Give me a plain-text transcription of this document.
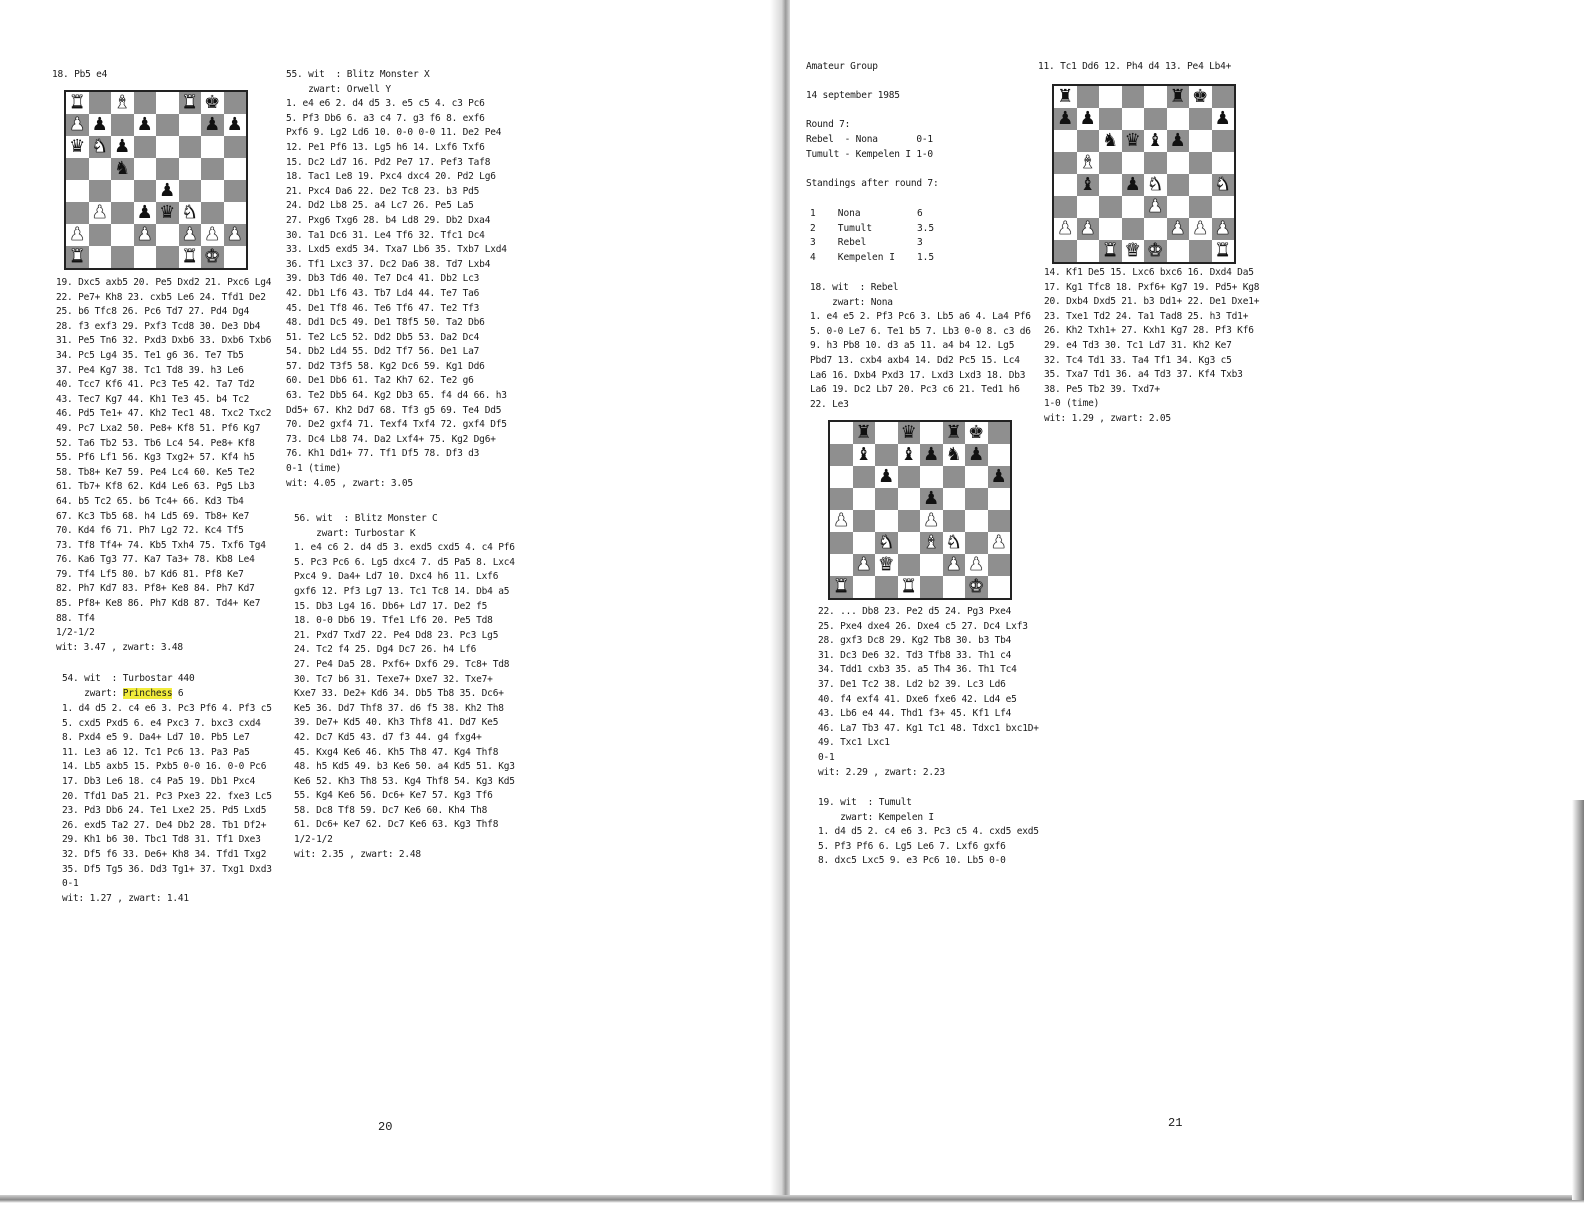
18. Pb5 e4
♜ ♝	♜ ♚
♟ ♟ ♟	♟ ♟
♛ ♞ ♟
♞
♟
♟ ♟ ♛ ♞
♟	♟ ♟ ♟ ♟
♜	♜ ♚
19. Dxc5 axb5 20. Pe5 Dxd2 21. Pxc6 Lg4
22. Pe7+ Kh8 23. cxb5 Le6 24. Tfd1 De2
25. b6 Tfc8 26. Pc6 Td7 27. Pd4 Dg4
28. f3 exf3 29. Pxf3 Tcd8 30. De3 Db4
31. Pe5 Tn6 32. Pxd3 Dxb6 33. Dxb6 Txb6
34. Pc5 Lg4 35. Te1 g6 36. Te7 Tb5
37. Pe4 Kg7 38. Tc1 Td8 39. h3 Le6
40. Tcc7 Kf6 41. Pc3 Te5 42. Ta7 Td2
43. Tec7 Kg7 44. Kh1 Te3 45. b4 Tc2
46. Pd5 Te1+ 47. Kh2 Tec1 48. Txc2 Txc2
49. Pc7 Lxa2 50. Pe8+ Kf8 51. Pf6 Kg7
52. Ta6 Tb2 53. Tb6 Lc4 54. Pe8+ Kf8
55. Pf6 Lf1 56. Kg3 Txg2+ 57. Kf4 h5
58. Tb8+ Ke7 59. Pe4 Lc4 60. Ke5 Te2
61. Tb7+ Kf8 62. Kd4 Le6 63. Pg5 Lb3
64. b5 Tc2 65. b6 Tc4+ 66. Kd3 Tb4
67. Kc3 Tb5 68. h4 Ld5 69. Tb8+ Ke7
70. Kd4 f6 71. Ph7 Lg2 72. Kc4 Tf5
73. Tf8 Tf4+ 74. Kb5 Txh4 75. Txf6 Tg4
76. Ka6 Tg3 77. Ka7 Ta3+ 78. Kb8 Le4
79. Tf4 Lf5 80. b7 Kd6 81. Pf8 Ke7
82. Ph7 Kd7 83. Pf8+ Ke8 84. Ph7 Kd7
85. Pf8+ Ke8 86. Ph7 Kd8 87. Td4+ Ke7
88. Tf4
1/2-1/2
wit: 3.47 , zwart: 3.48
54. wit  : Turbostar 440
zwart: Princhess 6
1. d4 d5 2. c4 e6 3. Pc3 Pf6 4. Pf3 c5
5. cxd5 Pxd5 6. e4 Pxc3 7. bxc3 cxd4
8. Pxd4 e5 9. Da4+ Ld7 10. Pb5 Le7
11. Le3 a6 12. Tc1 Pc6 13. Pa3 Pa5
14. Lb5 axb5 15. Pxb5 0-0 16. 0-0 Pc6
17. Db3 Le6 18. c4 Pa5 19. Db1 Pxc4
20. Tfd1 Da5 21. Pc3 Pxe3 22. fxe3 Lc5
23. Pd3 Db6 24. Te1 Lxe2 25. Pd5 Lxd5
26. exd5 Ta2 27. De4 Db2 28. Tb1 Df2+
29. Kh1 b6 30. Tbc1 Td8 31. Tf1 Dxe3
32. Df5 f6 33. De6+ Kh8 34. Tfd1 Txg2
35. Df5 Tg5 36. Dd3 Tg1+ 37. Txg1 Dxd3
0-1
wit: 1.27 , zwart: 1.41
55. wit  : Blitz Monster X
zwart: Orwell Y
1. e4 e6 2. d4 d5 3. e5 c5 4. c3 Pc6
5. Pf3 Db6 6. a3 c4 7. g3 f6 8. exf6
Pxf6 9. Lg2 Ld6 10. 0-0 0-0 11. De2 Pe4
12. Pe1 Pf6 13. Lg5 h6 14. Lxf6 Txf6
15. Dc2 Ld7 16. Pd2 Pe7 17. Pef3 Taf8
18. Tac1 Le8 19. Pxc4 dxc4 20. Pd2 Lg6
21. Pxc4 Da6 22. De2 Tc8 23. b3 Pd5
24. Dd2 Lb8 25. a4 Lc7 26. Pe5 La5
27. Pxg6 Txg6 28. b4 Ld8 29. Db2 Dxa4
30. Ta1 Dc6 31. Le4 Tf6 32. Tfc1 Dc4
33. Lxd5 exd5 34. Txa7 Lb6 35. Txb7 Lxd4
36. Tf1 Lxc3 37. Dc2 Da6 38. Td7 Lxb4
39. Db3 Td6 40. Te7 Dc4 41. Db2 Lc3
42. Db1 Lf6 43. Tb7 Ld4 44. Te7 Ta6
45. De1 Tf8 46. Te6 Tf6 47. Te2 Tf3
48. Dd1 Dc5 49. De1 T8f5 50. Ta2 Db6
51. Te2 Lc5 52. Dd2 Db5 53. Da2 Dc4
54. Db2 Ld4 55. Dd2 Tf7 56. De1 La7
57. Dd2 T3f5 58. Kg2 Dc6 59. Kg1 Dd6
60. De1 Db6 61. Ta2 Kh7 62. Te2 g6
63. Te2 Db5 64. Kg2 Db3 65. f4 d4 66. h3
Dd5+ 67. Kh2 Dd7 68. Tf3 g5 69. Te4 Dd5
70. De2 gxf4 71. Texf4 Txf4 72. gxf4 Df5
73. Dc4 Lb8 74. Da2 Lxf4+ 75. Kg2 Dg6+
76. Kh1 Dd1+ 77. Tf1 Df5 78. Df3 d3
0-1 (time)
wit: 4.05 , zwart: 3.05
56. wit  : Blitz Monster C
zwart: Turbostar K
1. e4 c6 2. d4 d5 3. exd5 cxd5 4. c4 Pf6
5. Pc3 Pc6 6. Lg5 dxc4 7. d5 Pa5 8. Lxc4
Pxc4 9. Da4+ Ld7 10. Dxc4 h6 11. Lxf6
gxf6 12. Pf3 Lg7 13. Tc1 Tc8 14. Db4 a5
15. Db3 Lg4 16. Db6+ Ld7 17. De2 f5
18. 0-0 Db6 19. Tfe1 Lf6 20. Pe5 Td8
21. Pxd7 Txd7 22. Pe4 Dd8 23. Pc3 Lg5
24. Tc2 f4 25. Dg4 Dc7 26. h4 Lf6
27. Pe4 Da5 28. Pxf6+ Dxf6 29. Tc8+ Td8
30. Tc7 b6 31. Texe7+ Dxe7 32. Txe7+
Kxe7 33. De2+ Kd6 34. Db5 Tb8 35. Dc6+
Ke5 36. Dd7 Thf8 37. d6 f5 38. Kh2 Th8
39. De7+ Kd5 40. Kh3 Thf8 41. Dd7 Ke5
42. Dc7 Kd5 43. d7 f3 44. g4 fxg4+
45. Kxg4 Ke6 46. Kh5 Th8 47. Kg4 Thf8
48. h5 Kd5 49. b3 Ke6 50. a4 Kd5 51. Kg3
Ke6 52. Kh3 Th8 53. Kg4 Thf8 54. Kg3 Kd5
55. Kg4 Ke6 56. Dc6+ Ke7 57. Kg3 Tf6
58. Dc8 Tf8 59. Dc7 Ke6 60. Kh4 Th8
61. Dc6+ Ke7 62. Dc7 Ke6 63. Kg3 Thf8
1/2-1/2
wit: 2.35 , zwart: 2.48
20
Amateur Group

14 september 1985

Round 7:
Rebel  - Nona       0-1
Tumult - Kempelen I 1-0

Standings after round 7:
1	Nona	6
2	Tumult	3.5
3	Rebel	3
4	Kempelen I	1.5
18. wit  : Rebel
zwart: Nona
1. e4 e5 2. Pf3 Pc6 3. Lb5 a6 4. La4 Pf6
5. 0-0 Le7 6. Te1 b5 7. Lb3 0-0 8. c3 d6
9. h3 Pb8 10. d3 a5 11. a4 b4 12. Lg5
Pbd7 13. cxb4 axb4 14. Dd2 Pc5 15. Lc4
La6 16. Dxb4 Pxd3 17. Lxd3 Lxd3 18. Db3
La6 19. Dc2 Lb7 20. Pc3 c6 21. Ted1 h6
22. Le3
♜ ♛ ♜ ♚
♝ ♝ ♟ ♞ ♟
♟	♟
♟
♟	♟
♞ ♝ ♞ ♟
♟ ♛	♟ ♟
♜	♜	♚
22. ... Db8 23. Pe2 d5 24. Pg3 Pxe4
25. Pxe4 dxe4 26. Dxe4 c5 27. Dc4 Lxf3
28. gxf3 Dc8 29. Kg2 Tb8 30. b3 Tb4
31. Dc3 De6 32. Td3 Tfb8 33. Th1 c4
34. Tdd1 cxb3 35. a5 Th4 36. Th1 Tc4
37. De1 Tc2 38. Ld2 b2 39. Lc3 Ld6
40. f4 exf4 41. Dxe6 fxe6 42. Ld4 e5
43. Lb6 e4 44. Thd1 f3+ 45. Kf1 Lf4
46. La7 Tb3 47. Kg1 Tc1 48. Tdxc1 bxc1D+
49. Txc1 Lxc1
0-1
wit: 2.29 , zwart: 2.23
19. wit  : Tumult
zwart: Kempelen I
1. d4 d5 2. c4 e6 3. Pc3 c5 4. cxd5 exd5
5. Pf3 Pf6 6. Lg5 Le6 7. Lxf6 gxf6
8. dxc5 Lxc5 9. e3 Pc6 10. Lb5 0-0
11. Tc1 Dd6 12. Ph4 d4 13. Pe4 Lb4+
♜	♜ ♚
♟ ♟	♟
♞ ♛ ♝ ♟
♝
♝ ♟ ♞	♞
♟
♟ ♟	♟ ♟ ♟
♜ ♛ ♚	♜
14. Kf1 De5 15. Lxc6 bxc6 16. Dxd4 Da5
17. Kg1 Tfc8 18. Pxf6+ Kg7 19. Pd5+ Kg8
20. Dxb4 Dxd5 21. b3 Dd1+ 22. De1 Dxe1+
23. Txe1 Td2 24. Ta1 Tad8 25. h3 Td1+
26. Kh2 Txh1+ 27. Kxh1 Kg7 28. Pf3 Kf6
29. e4 Td3 30. Tc1 Ld7 31. Kh2 Ke7
32. Tc4 Td1 33. Ta4 Tf1 34. Kg3 c5
35. Txa7 Td1 36. a4 Td3 37. Kf4 Txb3
38. Pe5 Tb2 39. Txd7+
1-0 (time)
wit: 1.29 , zwart: 2.05
21
